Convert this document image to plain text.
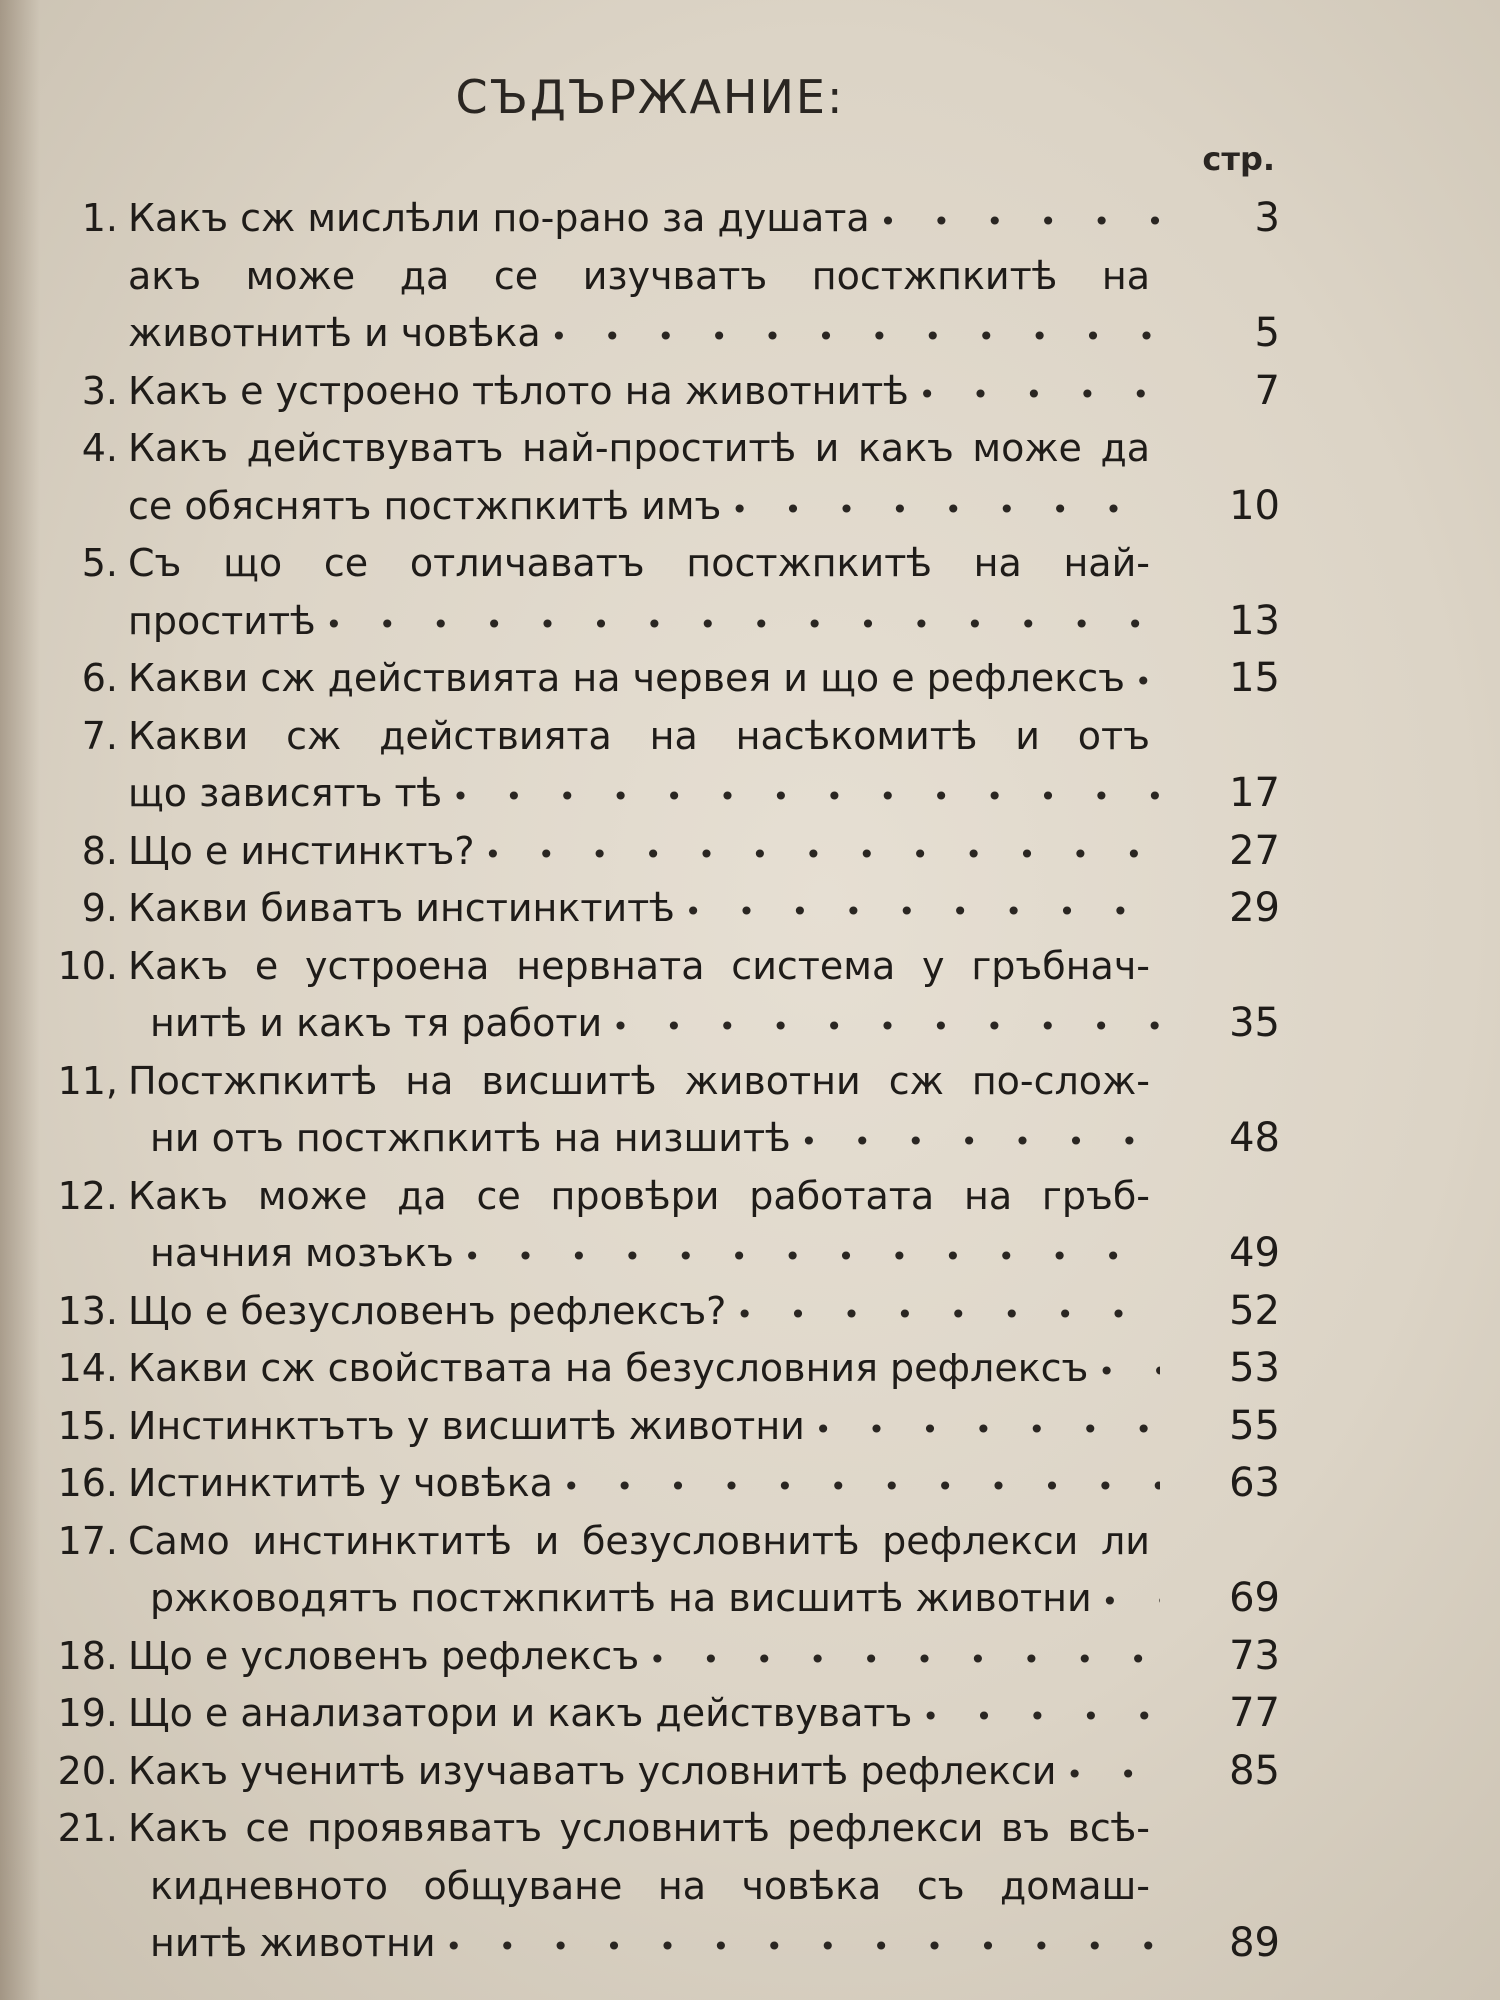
СЪДЪРЖАНИЕ:
стр.
1. Какъ сж мислѣли по-рано за душата • • •	3
акъ може да се изучватъ постжпкитѣ на
животнитѣ и човѣка • • •	5
3. Какъ е устроено тѣлото на животнитѣ • • •	7
4. Какъ действуватъ най-проститѣ и какъ може да
се обяснятъ постжпкитѣ имъ • • •	10
5. Съ що се отличаватъ постжпкитѣ на най-
проститѣ • • •	13
6. Какви сж действията на червея и що е рефлексъ • • •	15
7. Какви сж действията на насѣкомитѣ и отъ
що зависятъ тѣ • • •	17
8. Що е инстинктъ? • • •	27
9. Какви биватъ инстинктитѣ • • •	29
10. Какъ е устроена нервната система у гръбнач-
нитѣ и какъ тя работи • • •	35
11, Постжпкитѣ на висшитѣ животни сж по-слож-
ни отъ постжпкитѣ на низшитѣ • • •	48
12. Какъ може да се провѣри работата на гръб-
начния мозъкъ • • •	49
13. Що е безусловенъ рефлексъ? • • •	52
14. Какви сж свойствата на безусловния рефлексъ • • •	53
15. Инстинктътъ у висшитѣ животни • • •	55
16. Истинктитѣ у човѣка • • •	63
17. Само инстинктитѣ и безусловнитѣ рефлекси ли
ржководятъ постжпкитѣ на висшитѣ животни • • •	69
18. Що е условенъ рефлексъ • • •	73
19. Що е анализатори и какъ действуватъ • • •	77
20. Какъ ученитѣ изучаватъ условнитѣ рефлекси • • •	85
21. Какъ се проявяватъ условнитѣ рефлекси въ всѣ-
кидневното общуване на човѣка съ домаш-
нитѣ животни • • •	89
